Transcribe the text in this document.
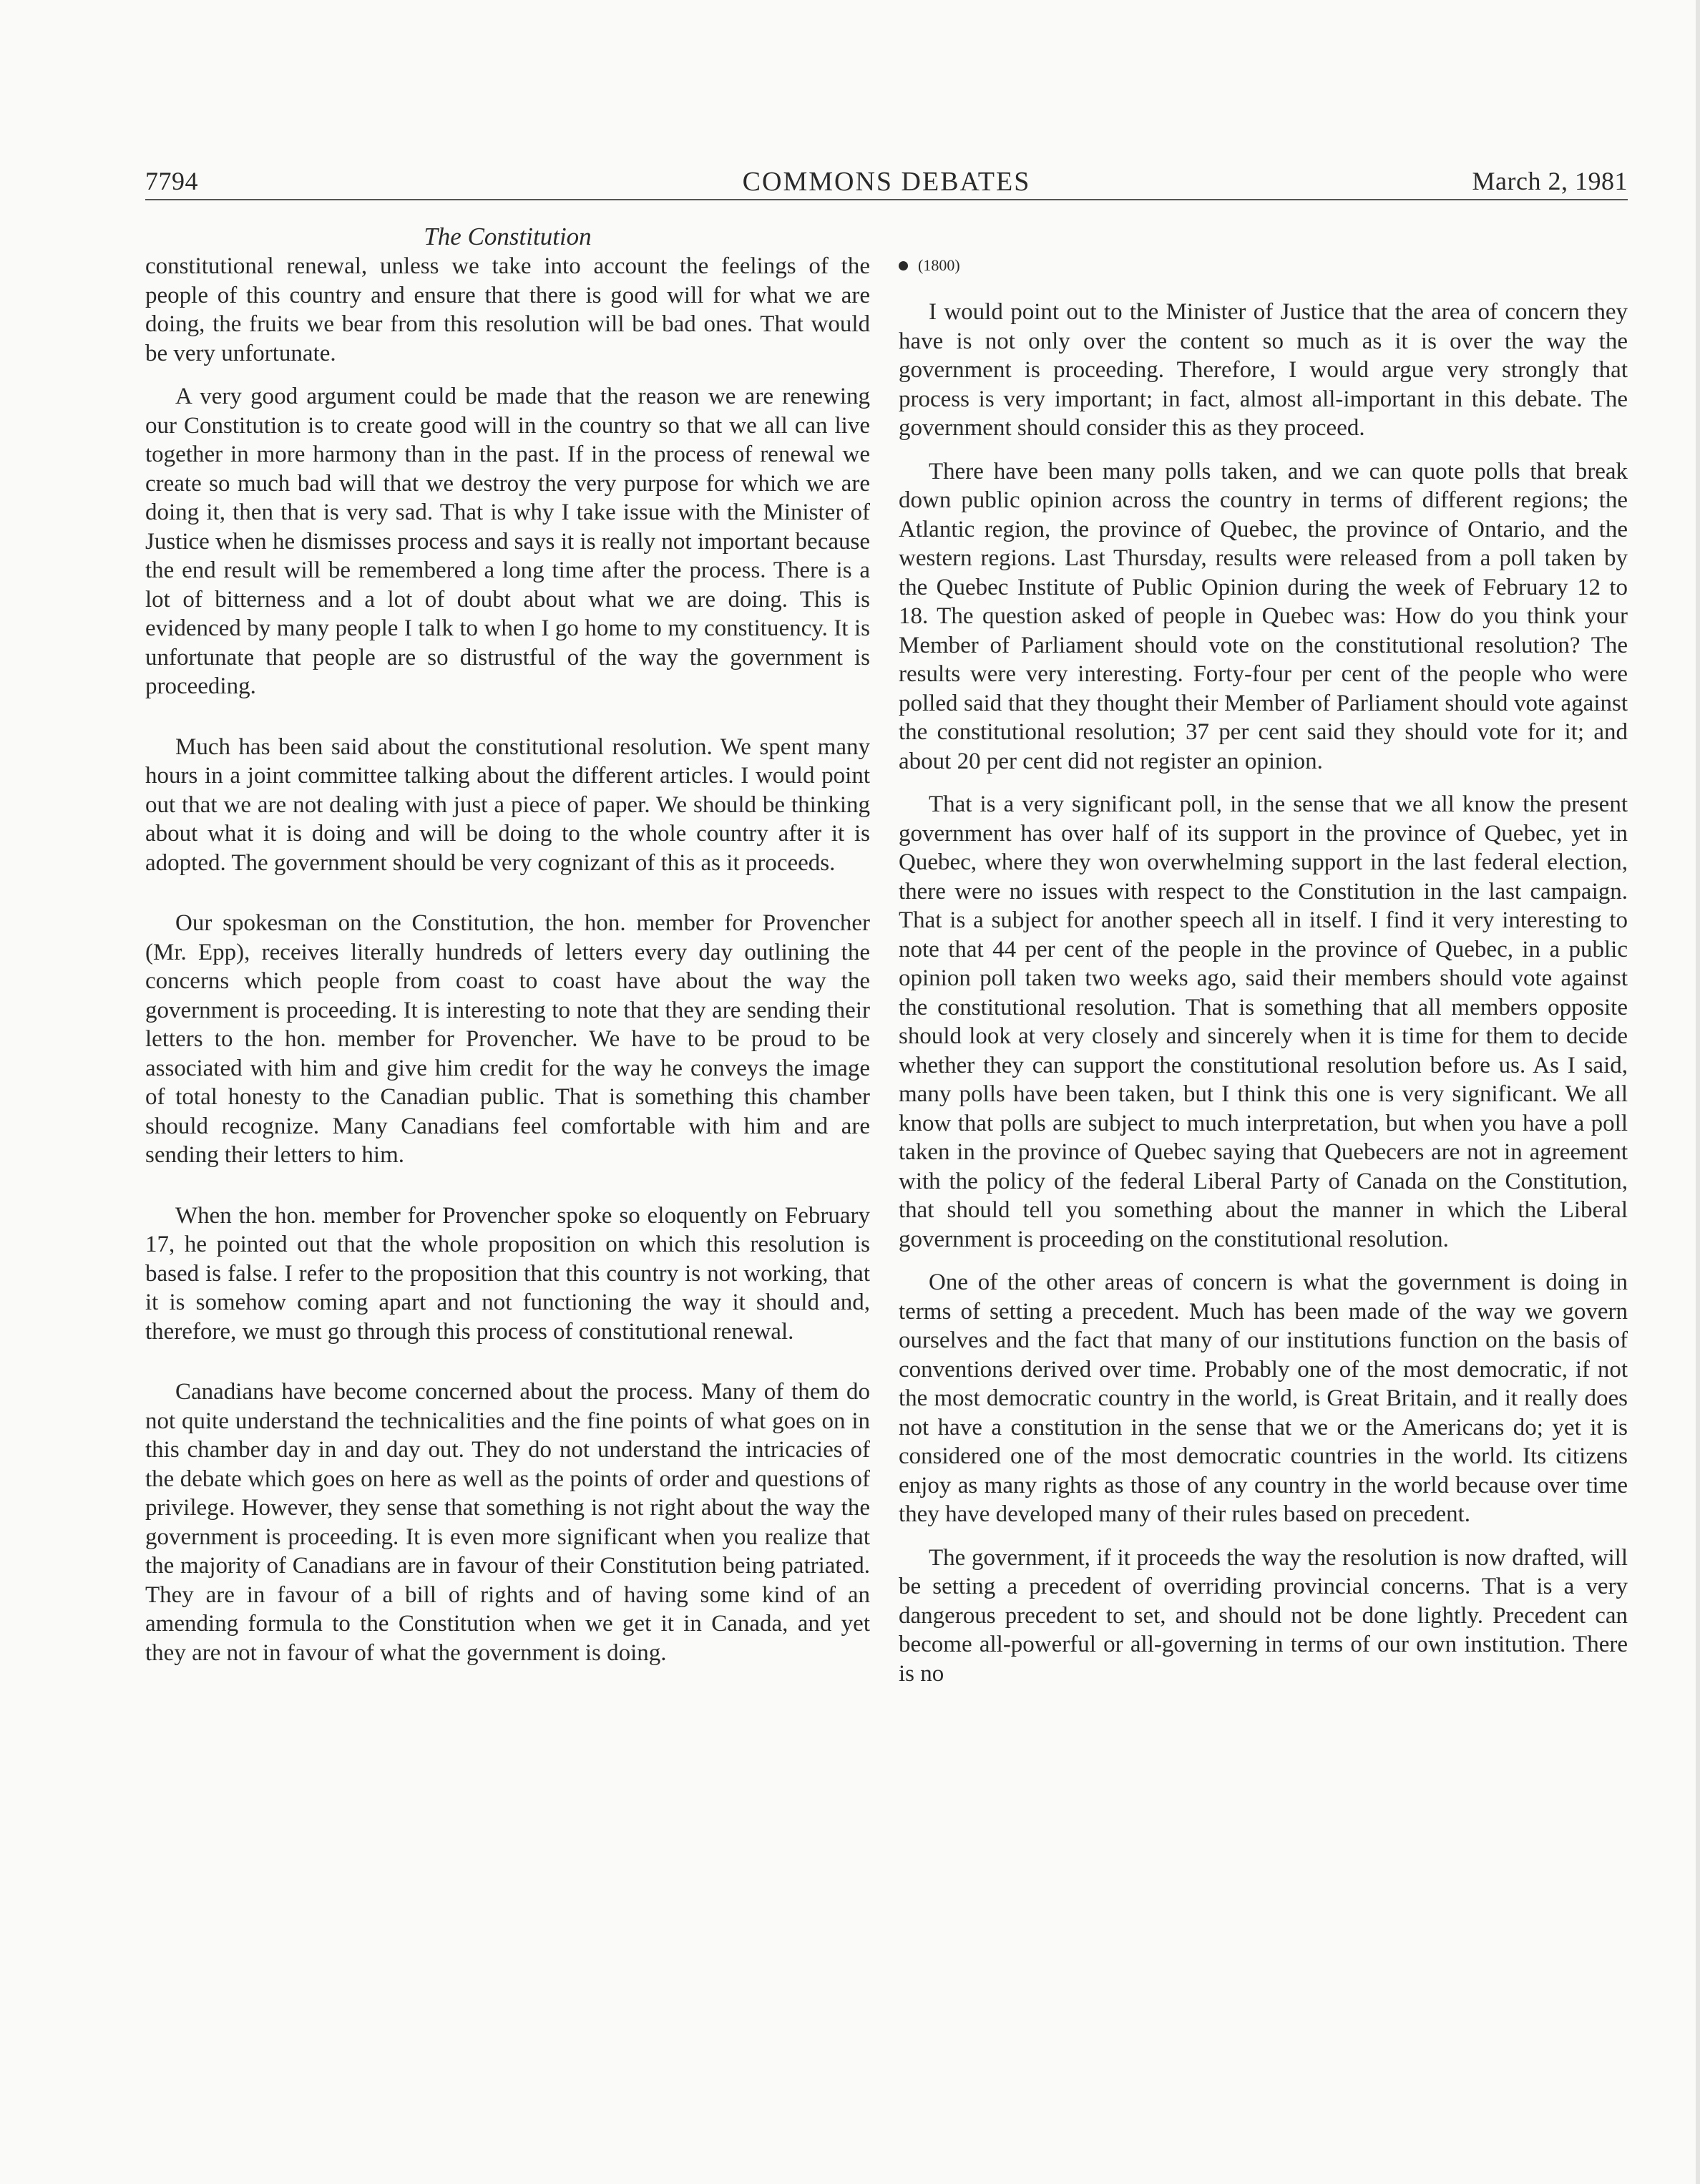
7794	COMMONS DEBATES	March 2, 1981
The Constitution

constitutional renewal, unless we take into account the feelings of the people of this country and ensure that there is good will for what we are doing, the fruits we bear from this resolution will be bad ones. That would be very unfortunate.

A very good argument could be made that the reason we are renewing our Constitution is to create good will in the country so that we all can live together in more harmony than in the past. If in the process of renewal we create so much bad will that we destroy the very purpose for which we are doing it, then that is very sad. That is why I take issue with the Minister of Justice when he dismisses process and says it is really not important because the end result will be remembered a long time after the process. There is a lot of bitterness and a lot of doubt about what we are doing. This is evidenced by many people I talk to when I go home to my constituency. It is unfortunate that people are so distrustful of the way the government is proceeding.

Much has been said about the constitutional resolution. We spent many hours in a joint committee talking about the different articles. I would point out that we are not dealing with just a piece of paper. We should be thinking about what it is doing and will be doing to the whole country after it is adopted. The government should be very cognizant of this as it proceeds.

Our spokesman on the Constitution, the hon. member for Provencher (Mr. Epp), receives literally hundreds of letters every day outlining the concerns which people from coast to coast have about the way the government is proceeding. It is interesting to note that they are sending their letters to the hon. member for Provencher. We have to be proud to be associated with him and give him credit for the way he conveys the image of total honesty to the Canadian public. That is something this chamber should recognize. Many Canadians feel comfortable with him and are sending their letters to him.

When the hon. member for Provencher spoke so eloquently on February 17, he pointed out that the whole proposition on which this resolution is based is false. I refer to the proposition that this country is not working, that it is somehow coming apart and not functioning the way it should and, therefore, we must go through this process of constitutional renewal.

Canadians have become concerned about the process. Many of them do not quite understand the technicalities and the fine points of what goes on in this chamber day in and day out. They do not understand the intricacies of the debate which goes on here as well as the points of order and questions of privilege. However, they sense that something is not right about the way the government is proceeding. It is even more significant when you realize that the majority of Canadians are in favour of their Constitution being patriated. They are in favour of a bill of rights and of having some kind of an amending formula to the Constitution when we get it in Canada, and yet they are not in favour of what the government is doing.

(1800)

I would point out to the Minister of Justice that the area of concern they have is not only over the content so much as it is over the way the government is proceeding. Therefore, I would argue very strongly that process is very important; in fact, almost all-important in this debate. The government should consider this as they proceed.

There have been many polls taken, and we can quote polls that break down public opinion across the country in terms of different regions; the Atlantic region, the province of Quebec, the province of Ontario, and the western regions. Last Thursday, results were released from a poll taken by the Quebec Institute of Public Opinion during the week of February 12 to 18. The question asked of people in Quebec was: How do you think your Member of Parliament should vote on the constitutional resolution? The results were very interesting. Forty-four per cent of the people who were polled said that they thought their Member of Parliament should vote against the constitutional resolution; 37 per cent said they should vote for it; and about 20 per cent did not register an opinion.

That is a very significant poll, in the sense that we all know the present government has over half of its support in the province of Quebec, yet in Quebec, where they won overwhelming support in the last federal election, there were no issues with respect to the Constitution in the last campaign. That is a subject for another speech all in itself. I find it very interesting to note that 44 per cent of the people in the province of Quebec, in a public opinion poll taken two weeks ago, said their members should vote against the constitutional resolution. That is something that all members opposite should look at very closely and sincerely when it is time for them to decide whether they can support the constitutional resolution before us. As I said, many polls have been taken, but I think this one is very significant. We all know that polls are subject to much interpretation, but when you have a poll taken in the province of Quebec saying that Quebecers are not in agreement with the policy of the federal Liberal Party of Canada on the Constitution, that should tell you something about the manner in which the Liberal government is proceeding on the constitutional resolution.

One of the other areas of concern is what the government is doing in terms of setting a precedent. Much has been made of the way we govern ourselves and the fact that many of our institutions function on the basis of conventions derived over time. Probably one of the most democratic, if not the most democratic country in the world, is Great Britain, and it really does not have a constitution in the sense that we or the Americans do; yet it is considered one of the most democratic countries in the world. Its citizens enjoy as many rights as those of any country in the world because over time they have developed many of their rules based on precedent.

The government, if it proceeds the way the resolution is now drafted, will be setting a precedent of overriding provincial concerns. That is a very dangerous precedent to set, and should not be done lightly. Precedent can become all-powerful or all-governing in terms of our own institution. There is no
